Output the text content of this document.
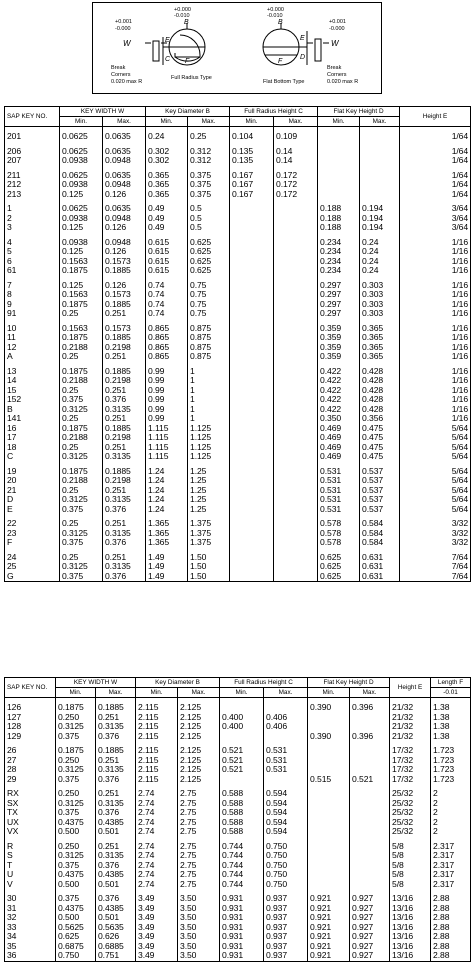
+0.001
-0.000
+0.000
-0.010
W
B
E
C F
Break
Corners
0.020 max R
Full Radius Type
+0.000
-0.010
+0.001
-0.000
W
B
E
D
F
Break
Corners
0.020 max R
Flat Bottom Type
SAP KEY NO.	KEY WIDTH W		Key Diameter B		Full Radius Height C		Flat Key Height D		Height E
	Min.	Max.	Min.	Max.	Min.	Max.	Min.	Max.	

201	0.0625	0.0635	0.24	0.25	0.104	0.109			1/64

206	0.0625	0.0635	0.302	0.312	0.135	0.14			1/64
207	0.0938	0.0948	0.302	0.312	0.135	0.14			1/64

211	0.0625	0.0635	0.365	0.375	0.167	0.172			1/64
212	0.0938	0.0948	0.365	0.375	0.167	0.172			1/64
213	0.125	0.126	0.365	0.375	0.167	0.172			1/64

1	0.0625	0.0635	0.49	0.5			0.188	0.194	3/64
2	0.0938	0.0948	0.49	0.5			0.188	0.194	3/64
3	0.125	0.126	0.49	0.5			0.188	0.194	3/64

4	0.0938	0.0948	0.615	0.625			0.234	0.24	1/16
5	0.125	0.126	0.615	0.625			0.234	0.24	1/16
6	0.1563	0.1573	0.615	0.625			0.234	0.24	1/16
61	0.1875	0.1885	0.615	0.625			0.234	0.24	1/16

7	0.125	0.126	0.74	0.75			0.297	0.303	1/16
8	0.1563	0.1573	0.74	0.75			0.297	0.303	1/16
9	0.1875	0.1885	0.74	0.75			0.297	0.303	1/16
91	0.25	0.251	0.74	0.75			0.297	0.303	1/16

10	0.1563	0.1573	0.865	0.875			0.359	0.365	1/16
11	0.1875	0.1885	0.865	0.875			0.359	0.365	1/16
12	0.2188	0.2198	0.865	0.875			0.359	0.365	1/16
A	0.25	0.251	0.865	0.875			0.359	0.365	1/16

13	0.1875	0.1885	0.99	1			0.422	0.428	1/16
14	0.2188	0.2198	0.99	1			0.422	0.428	1/16
15	0.25	0.251	0.99	1			0.422	0.428	1/16
152	0.375	0.376	0.99	1			0.422	0.428	1/16
B	0.3125	0.3135	0.99	1			0.422	0.428	1/16
141	0.25	0.251	0.99	1			0.350	0.356	1/16
16	0.1875	0.1885	1.115	1.125			0.469	0.475	5/64
17	0.2188	0.2198	1.115	1.125			0.469	0.475	5/64
18	0.25	0.251	1.115	1.125			0.469	0.475	5/64
C	0.3125	0.3135	1.115	1.125			0.469	0.475	5/64

19	0.1875	0.1885	1.24	1.25			0.531	0.537	5/64
20	0.2188	0.2198	1.24	1.25			0.531	0.537	5/64
21	0.25	0.251	1.24	1.25			0.531	0.537	5/64
D	0.3125	0.3135	1.24	1.25			0.531	0.537	5/64
E	0.375	0.376	1.24	1.25			0.531	0.537	5/64

22	0.25	0.251	1.365	1.375			0.578	0.584	3/32
23	0.3125	0.3135	1.365	1.375			0.578	0.584	3/32
F	0.375	0.376	1.365	1.375			0.578	0.584	3/32

24	0.25	0.251	1.49	1.50			0.625	0.631	7/64
25	0.3125	0.3135	1.49	1.50			0.625	0.631	7/64
G	0.375	0.376	1.49	1.50			0.625	0.631	7/64
SAP KEY NO.	KEY WIDTH W		Key Diameter B		Full Radius Height C		Flat Key Height D		Height E	Length F
	Min.	Max.	Min.	Max.	Min.	Max.	Min.	Max.		-0.01

126	0.1875	0.1885	2.115	2.125			0.390	0.396	21/32	1.38
127	0.250	0.251	2.115	2.125	0.400	0.406			21/32	1.38
128	0.3125	0.3135	2.115	2.125	0.400	0.406			21/32	1.38
129	0.375	0.376	2.115	2.125			0.390	0.396	21/32	1.38

26	0.1875	0.1885	2.115	2.125	0.521	0.531			17/32	1.723
27	0.250	0.251	2.115	2.125	0.521	0.531			17/32	1.723
28	0.3125	0.3135	2.115	2.125	0.521	0.531			17/32	1.723
29	0.375	0.376	2.115	2.125			0.515	0.521	17/32	1.723

RX	0.250	0.251	2.74	2.75	0.588	0.594			25/32	2
SX	0.3125	0.3135	2.74	2.75	0.588	0.594			25/32	2
TX	0.375	0.376	2.74	2.75	0.588	0.594			25/32	2
UX	0.4375	0.4385	2.74	2.75	0.588	0.594			25/32	2
VX	0.500	0.501	2.74	2.75	0.588	0.594			25/32	2

R	0.250	0.251	2.74	2.75	0.744	0.750			5/8	2.317
S	0.3125	0.3135	2.74	2.75	0.744	0.750			5/8	2.317
T	0.375	0.376	2.74	2.75	0.744	0.750			5/8	2.317
U	0.4375	0.4385	2.74	2.75	0.744	0.750			5/8	2.317
V	0.500	0.501	2.74	2.75	0.744	0.750			5/8	2.317

30	0.375	0.376	3.49	3.50	0.931	0.937	0.921	0.927	13/16	2.88
31	0.4375	0.4385	3.49	3.50	0.931	0.937	0.921	0.927	13/16	2.88
32	0.500	0.501	3.49	3.50	0.931	0.937	0.921	0.927	13/16	2.88
33	0.5625	0.5635	3.49	3.50	0.931	0.937	0.921	0.927	13/16	2.88
34	0.625	0.626	3.49	3.50	0.931	0.937	0.921	0.927	13/16	2.88
35	0.6875	0.6885	3.49	3.50	0.931	0.937	0.921	0.927	13/16	2.88
36	0.750	0.751	3.49	3.50	0.931	0.937	0.921	0.927	13/16	2.88
